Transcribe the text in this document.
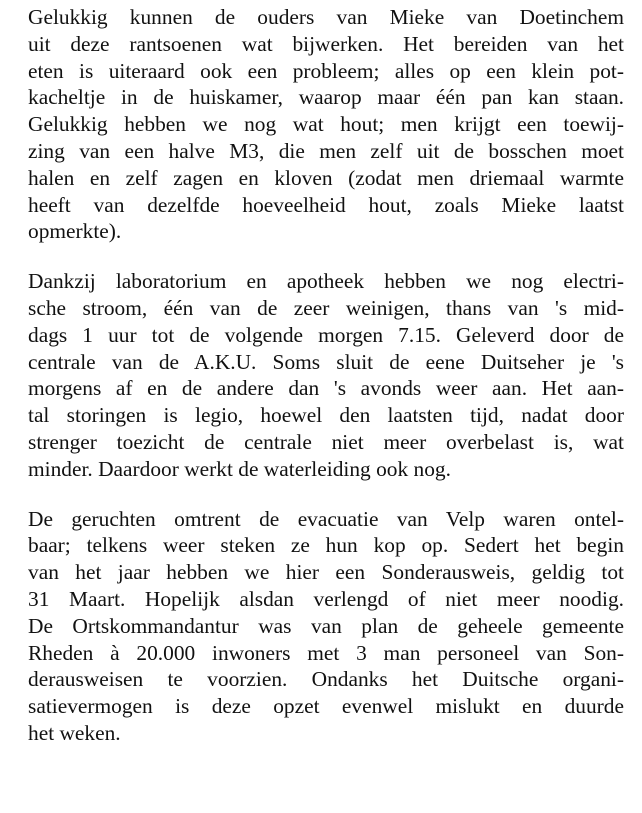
Gelukkig kunnen de ouders van Mieke van Doetinchem
uit deze rantsoenen wat bijwerken. Het bereiden van het
eten is uiteraard ook een probleem; alles op een klein pot-
kacheltje in de huiskamer, waarop maar één pan kan staan.
Gelukkig hebben we nog wat hout; men krijgt een toewij-
zing van een halve M3, die men zelf uit de bosschen moet
halen en zelf zagen en kloven (zodat men driemaal warmte
heeft van dezelfde hoeveelheid hout, zoals Mieke laatst
opmerkte).
Dankzij laboratorium en apotheek hebben we nog electri-
sche stroom, één van de zeer weinigen, thans van 's mid-
dags 1 uur tot de volgende morgen 7.15. Geleverd door de
centrale van de A.K.U. Soms sluit de eene Duitseher je 's
morgens af en de andere dan 's avonds weer aan. Het aan-
tal storingen is legio, hoewel den laatsten tijd, nadat door
strenger toezicht de centrale niet meer overbelast is, wat
minder. Daardoor werkt de waterleiding ook nog.
De geruchten omtrent de evacuatie van Velp waren ontel-
baar; telkens weer steken ze hun kop op. Sedert het begin
van het jaar hebben we hier een Sonderausweis, geldig tot
31 Maart. Hopelijk alsdan verlengd of niet meer noodig.
De Ortskommandantur was van plan de geheele gemeente
Rheden à 20.000 inwoners met 3 man personeel van Son-
derausweisen te voorzien. Ondanks het Duitsche organi-
satievermogen is deze opzet evenwel mislukt en duurde
het weken.
